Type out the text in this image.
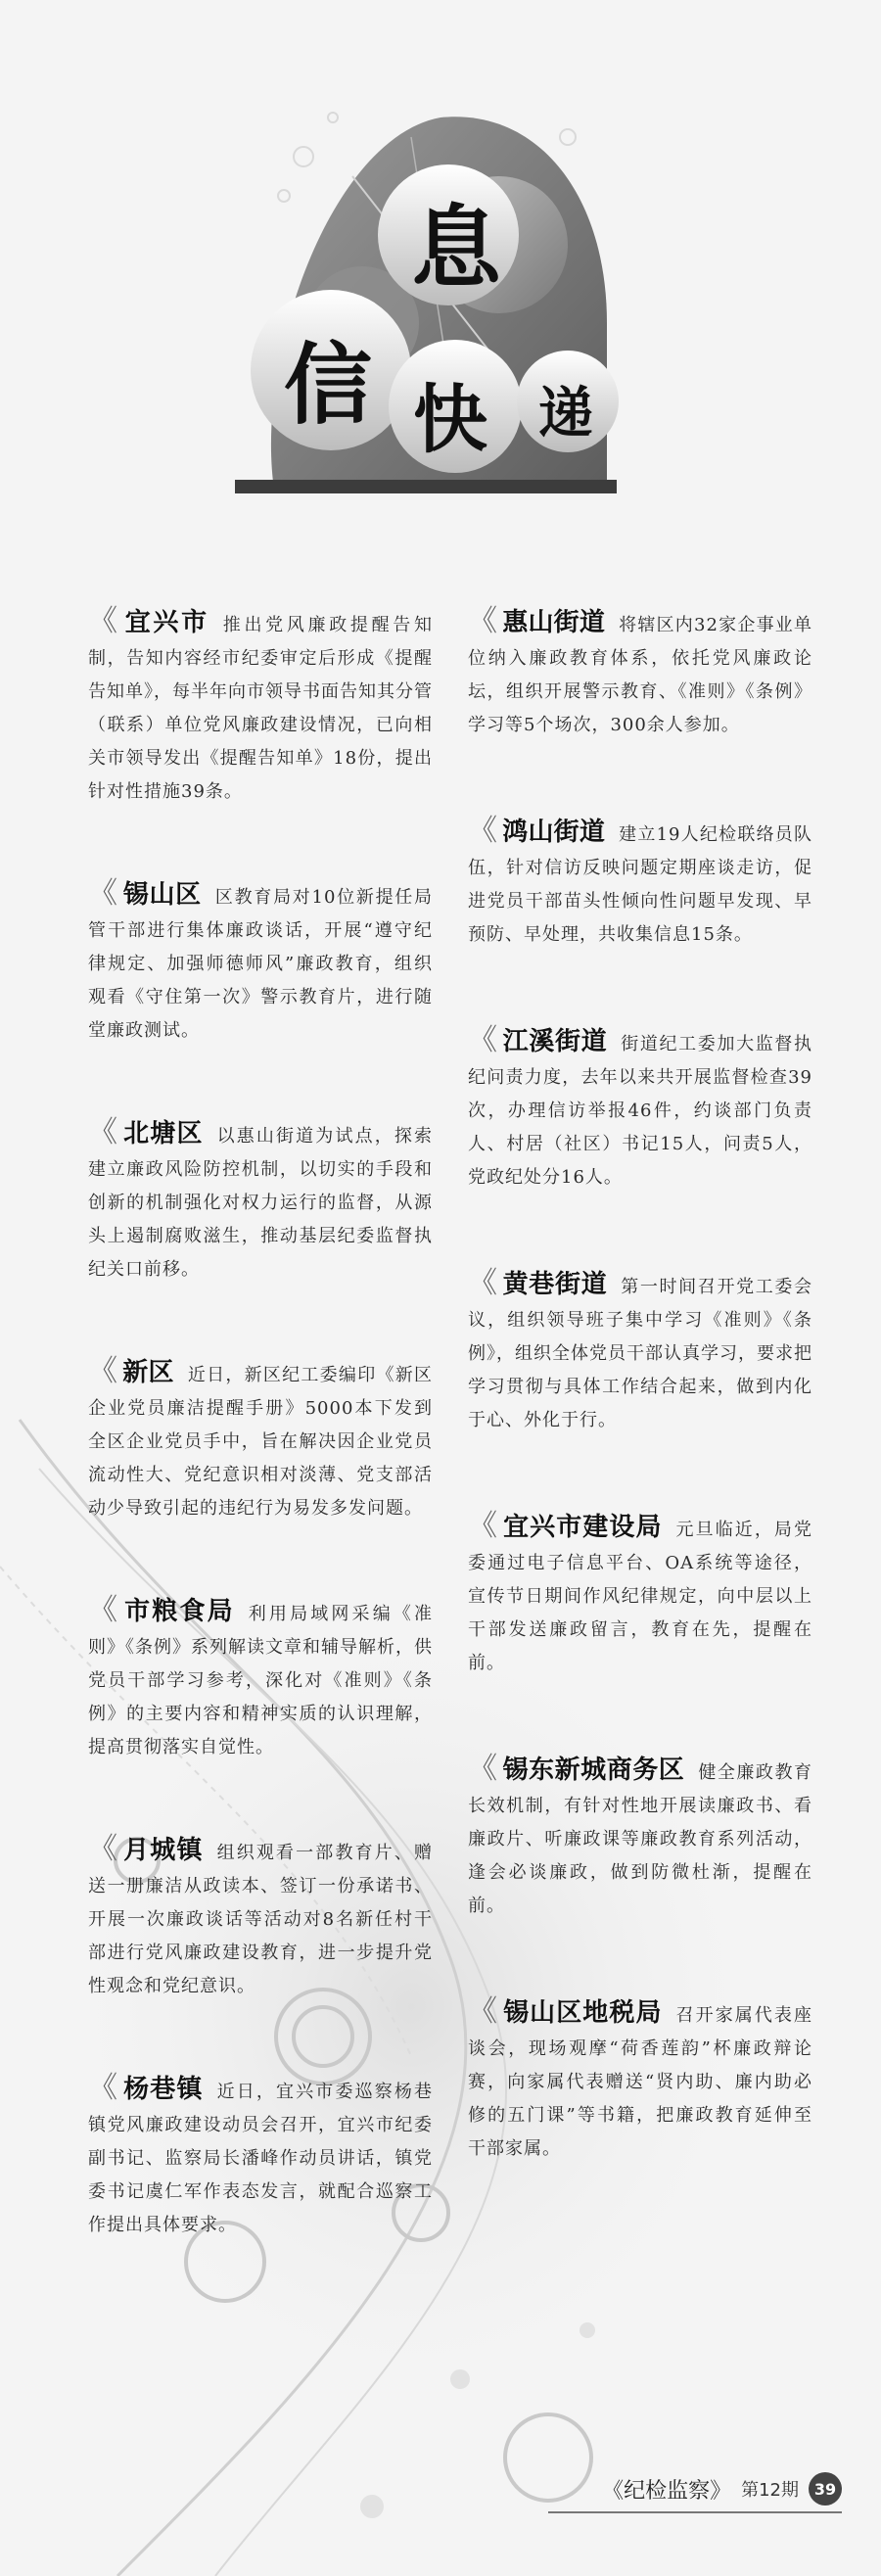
信
息
快 递

《 宜兴市 推出党风廉政提醒告知制，告知内容经市纪委审定后形成《提醒告知单》，每半年向市领导书面告知其分管（联系）单位党风廉政建设情况，已向相关市领导发出《提醒告知单》18份，提出针对性措施39条。

《 锡山区 区教育局对10位新提任局管干部进行集体廉政谈话，开展“遵守纪律规定、加强师德师风”廉政教育，组织观看《守住第一次》警示教育片，进行随堂廉政测试。

《 北塘区 以惠山街道为试点，探索建立廉政风险防控机制，以切实的手段和创新的机制强化对权力运行的监督，从源头上遏制腐败滋生，推动基层纪委监督执纪关口前移。

《 新区 近日，新区纪工委编印《新区企业党员廉洁提醒手册》5000本下发到全区企业党员手中，旨在解决因企业党员流动性大、党纪意识相对淡薄、党支部活动少导致引起的违纪行为易发多发问题。

《 市粮食局 利用局域网采编《准则》《条例》系列解读文章和辅导解析，供党员干部学习参考，深化对《准则》《条例》的主要内容和精神实质的认识理解，提高贯彻落实自觉性。

《 月城镇 组织观看一部教育片、赠送一册廉洁从政读本、签订一份承诺书、开展一次廉政谈话等活动对8名新任村干部进行党风廉政建设教育，进一步提升党性观念和党纪意识。

《 杨巷镇 近日，宜兴市委巡察杨巷镇党风廉政建设动员会召开，宜兴市纪委副书记、监察局长潘峰作动员讲话，镇党委书记虞仁军作表态发言，就配合巡察工作提出具体要求。

《 惠山街道 将辖区内32家企事业单位纳入廉政教育体系，依托党风廉政论坛，组织开展警示教育、《准则》《条例》学习等5个场次，300余人参加。

《 鸿山街道 建立19人纪检联络员队伍，针对信访反映问题定期座谈走访，促进党员干部苗头性倾向性问题早发现、早预防、早处理，共收集信息15条。

《 江溪街道 街道纪工委加大监督执纪问责力度，去年以来共开展监督检查39次，办理信访举报46件，约谈部门负责人、村居（社区）书记15人，问责5人，党政纪处分16人。

《 黄巷街道 第一时间召开党工委会议，组织领导班子集中学习《准则》《条例》，组织全体党员干部认真学习，要求把学习贯彻与具体工作结合起来，做到内化于心、外化于行。

《 宜兴市建设局 元旦临近，局党委通过电子信息平台、OA系统等途径，宣传节日期间作风纪律规定，向中层以上干部发送廉政留言，教育在先，提醒在前。

《 锡东新城商务区 健全廉政教育长效机制，有针对性地开展读廉政书、看廉政片、听廉政课等廉政教育系列活动，逢会必谈廉政，做到防微杜渐，提醒在前。

《 锡山区地税局 召开家属代表座谈会，现场观摩“荷香莲韵”杯廉政辩论赛，向家属代表赠送“贤内助、廉内助必修的五门课”等书籍，把廉政教育延伸至干部家属。

《纪检监察》 第12期 39
